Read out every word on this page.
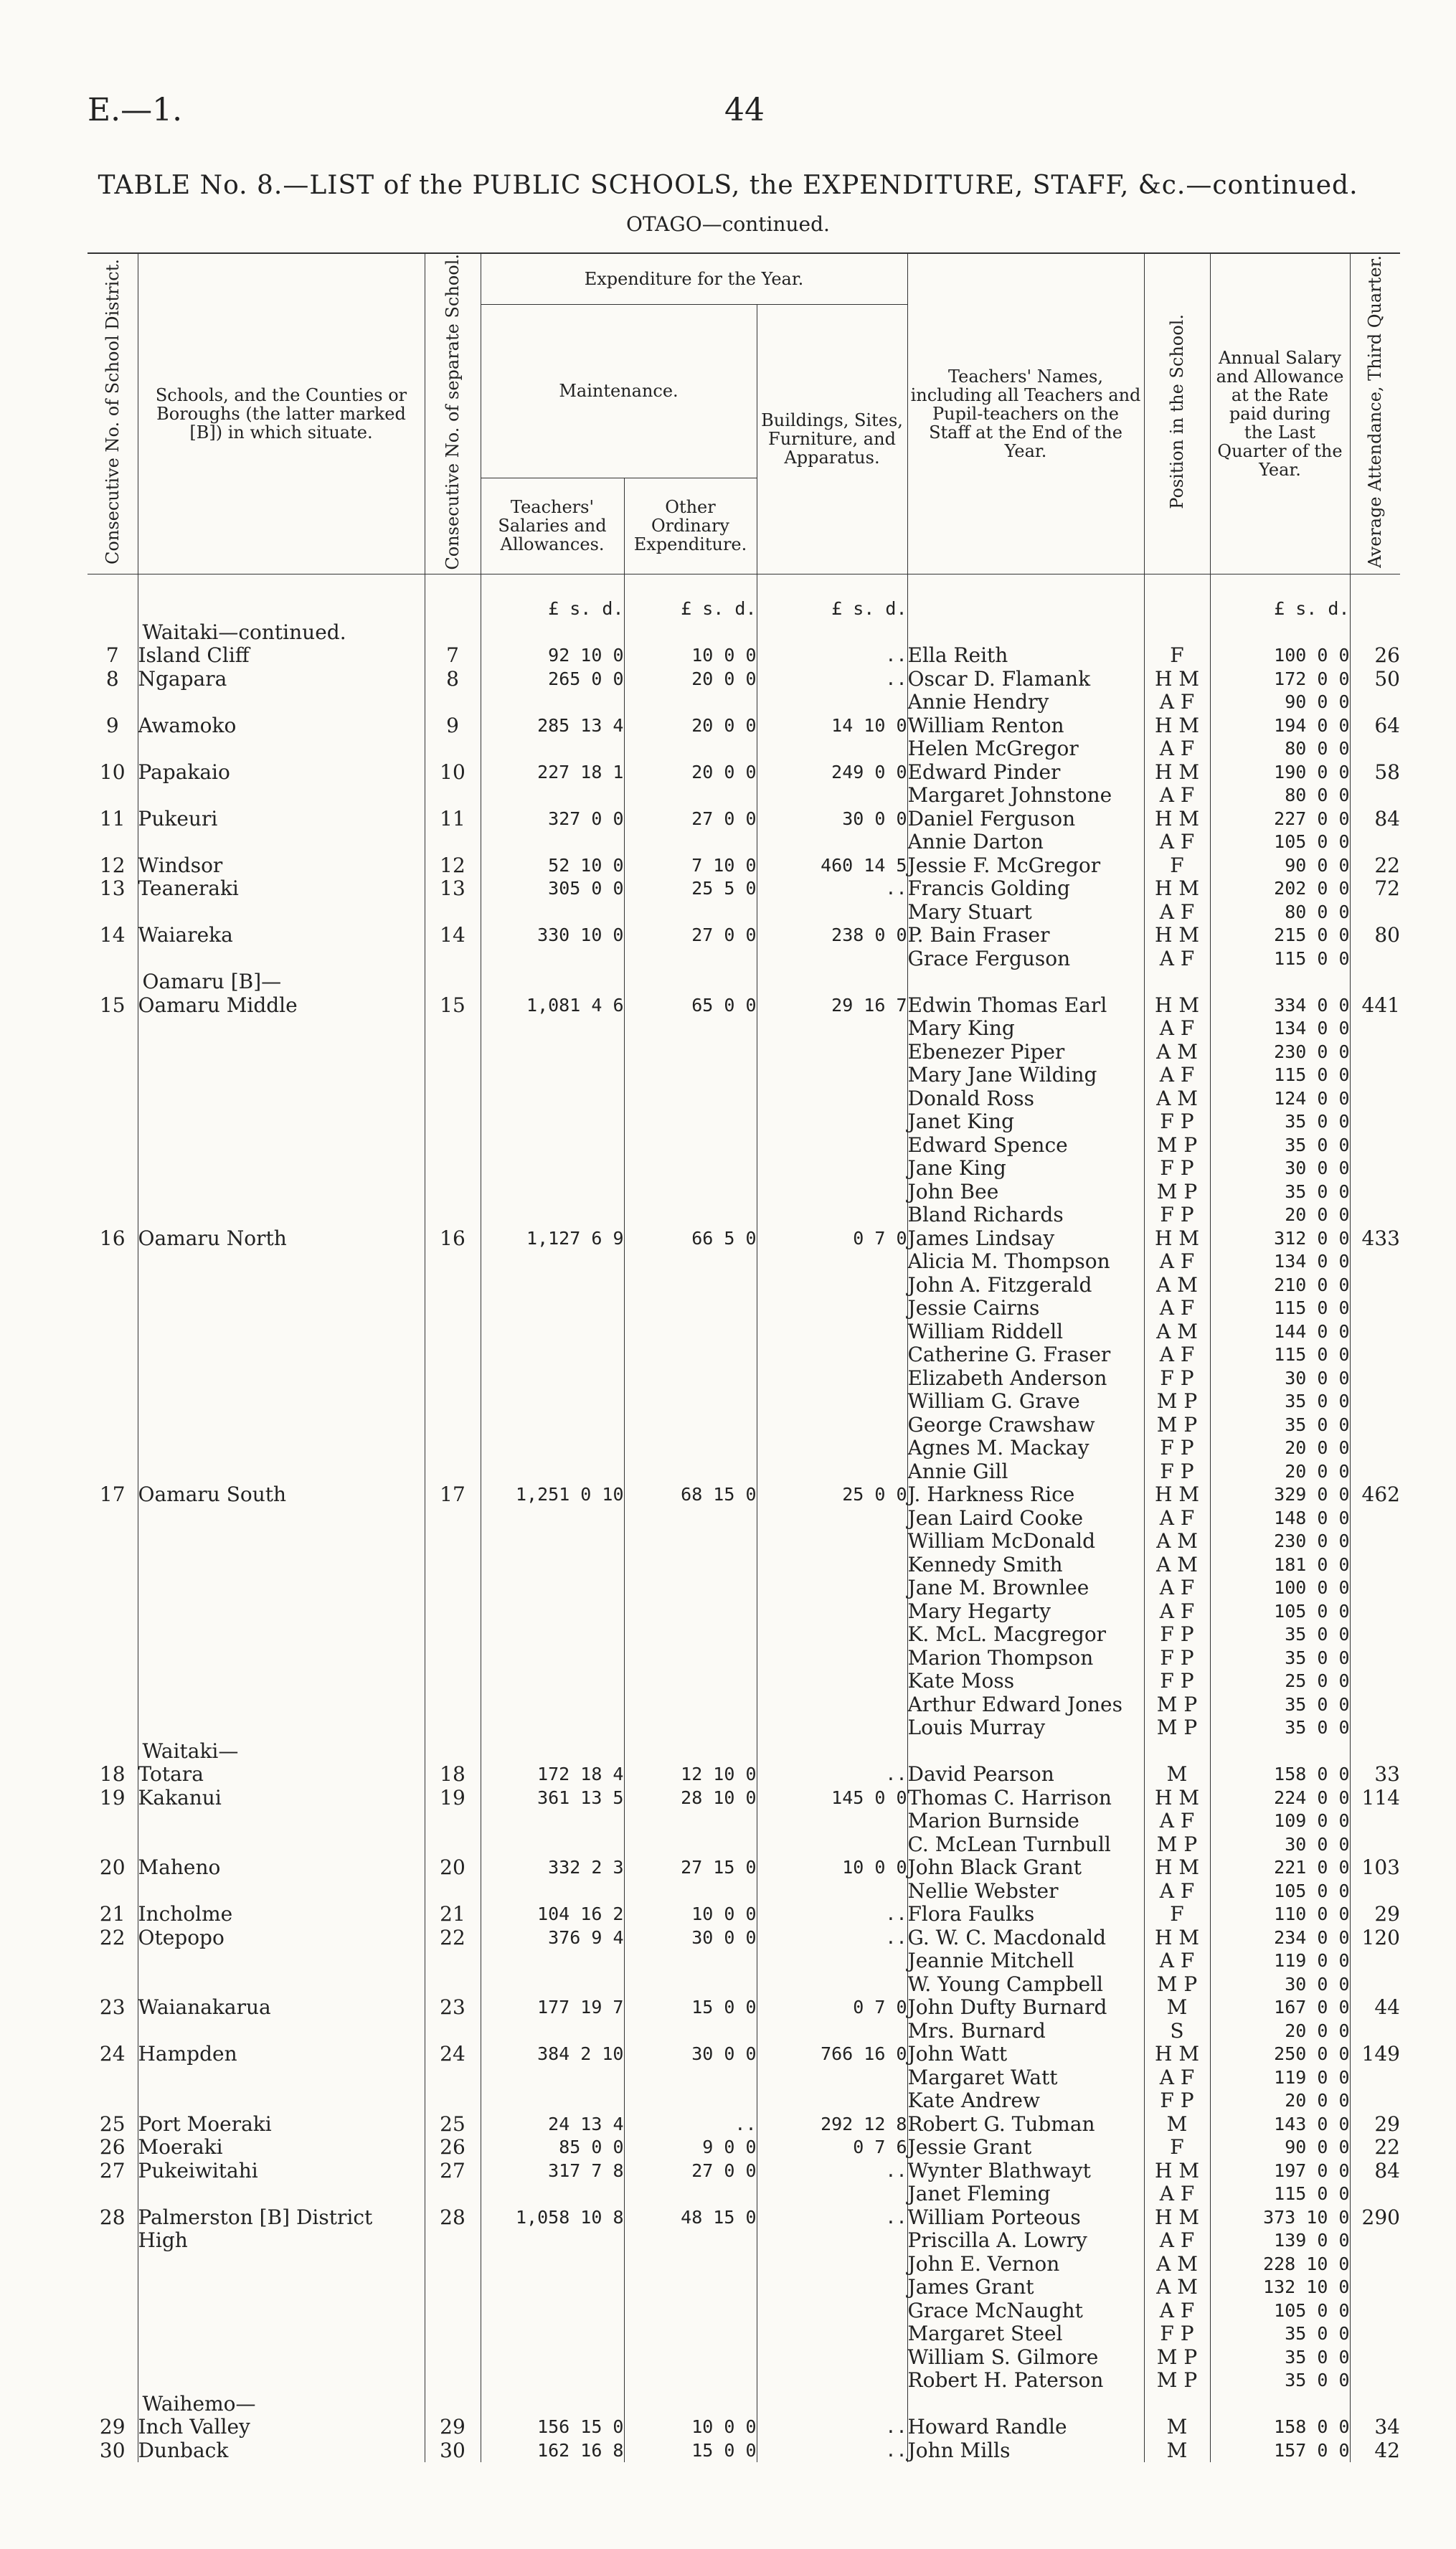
E.—1.	44
TABLE No. 8.—LIST of the PUBLIC SCHOOLS, the EXPENDITURE, STAFF, &c.—continued.
OTAGO—continued.
Consecutive No. of School District.	Schools, and the Counties or Boroughs (the latter marked [B]) in which situate.	Consecutive No. of separate School.	Expenditure for the Year.			Teachers' Names, including all Teachers and Pupil-teachers on the Staff at the End of the Year.	Position in the School.	Annual Salary and Allowance at the Rate paid during the Last Quarter of the Year.	Average Attendance, Third Quarter.
			Maintenance.		Buildings, Sites, Furniture, and Apparatus.				
			Teachers' Salaries and Allowances.	Other Ordinary Expenditure.					

			£ s. d.	£ s. d.	£ s. d.			£ s. d.	
	Waitaki—continued.								
7	Island Cliff	7	92 10 0	10 0 0	..	Ella Reith	F	100 0 0	26
8	Ngapara	8	265 0 0	20 0 0	..	Oscar D. Flamank	H M	172 0 0	50
						Annie Hendry	A F	90 0 0	
9	Awamoko	9	285 13 4	20 0 0	14 10 0	William Renton	H M	194 0 0	64
						Helen McGregor	A F	80 0 0	
10	Papakaio	10	227 18 1	20 0 0	249 0 0	Edward Pinder	H M	190 0 0	58
						Margaret Johnstone	A F	80 0 0	
11	Pukeuri	11	327 0 0	27 0 0	30 0 0	Daniel Ferguson	H M	227 0 0	84
						Annie Darton	A F	105 0 0	
12	Windsor	12	52 10 0	7 10 0	460 14 5	Jessie F. McGregor	F	90 0 0	22
13	Teaneraki	13	305 0 0	25 5 0	..	Francis Golding	H M	202 0 0	72
						Mary Stuart	A F	80 0 0	
14	Waiareka	14	330 10 0	27 0 0	238 0 0	P. Bain Fraser	H M	215 0 0	80
						Grace Ferguson	A F	115 0 0	
	Oamaru [B]—								
15	Oamaru Middle	15	1,081 4 6	65 0 0	29 16 7	Edwin Thomas Earl	H M	334 0 0	441
						Mary King	A F	134 0 0	
						Ebenezer Piper	A M	230 0 0	
						Mary Jane Wilding	A F	115 0 0	
						Donald Ross	A M	124 0 0	
						Janet King	F P	35 0 0	
						Edward Spence	M P	35 0 0	
						Jane King	F P	30 0 0	
						John Bee	M P	35 0 0	
						Bland Richards	F P	20 0 0	
16	Oamaru North	16	1,127 6 9	66 5 0	0 7 0	James Lindsay	H M	312 0 0	433
						Alicia M. Thompson	A F	134 0 0	
						John A. Fitzgerald	A M	210 0 0	
						Jessie Cairns	A F	115 0 0	
						William Riddell	A M	144 0 0	
						Catherine G. Fraser	A F	115 0 0	
						Elizabeth Anderson	F P	30 0 0	
						William G. Grave	M P	35 0 0	
						George Crawshaw	M P	35 0 0	
						Agnes M. Mackay	F P	20 0 0	
						Annie Gill	F P	20 0 0	
17	Oamaru South	17	1,251 0 10	68 15 0	25 0 0	J. Harkness Rice	H M	329 0 0	462
						Jean Laird Cooke	A F	148 0 0	
						William McDonald	A M	230 0 0	
						Kennedy Smith	A M	181 0 0	
						Jane M. Brownlee	A F	100 0 0	
						Mary Hegarty	A F	105 0 0	
						K. McL. Macgregor	F P	35 0 0	
						Marion Thompson	F P	35 0 0	
						Kate Moss	F P	25 0 0	
						Arthur Edward Jones	M P	35 0 0	
						Louis Murray	M P	35 0 0	
	Waitaki—								
18	Totara	18	172 18 4	12 10 0	..	David Pearson	M	158 0 0	33
19	Kakanui	19	361 13 5	28 10 0	145 0 0	Thomas C. Harrison	H M	224 0 0	114
						Marion Burnside	A F	109 0 0	
						C. McLean Turnbull	M P	30 0 0	
20	Maheno	20	332 2 3	27 15 0	10 0 0	John Black Grant	H M	221 0 0	103
						Nellie Webster	A F	105 0 0	
21	Incholme	21	104 16 2	10 0 0	..	Flora Faulks	F	110 0 0	29
22	Otepopo	22	376 9 4	30 0 0	..	G. W. C. Macdonald	H M	234 0 0	120
						Jeannie Mitchell	A F	119 0 0	
						W. Young Campbell	M P	30 0 0	
23	Waianakarua	23	177 19 7	15 0 0	0 7 0	John Dufty Burnard	M	167 0 0	44
						Mrs. Burnard	S	20 0 0	
24	Hampden	24	384 2 10	30 0 0	766 16 0	John Watt	H M	250 0 0	149
						Margaret Watt	A F	119 0 0	
						Kate Andrew	F P	20 0 0	
25	Port Moeraki	25	24 13 4	..	292 12 8	Robert G. Tubman	M	143 0 0	29
26	Moeraki	26	85 0 0	9 0 0	0 7 6	Jessie Grant	F	90 0 0	22
27	Pukeiwitahi	27	317 7 8	27 0 0	..	Wynter Blathwayt	H M	197 0 0	84
						Janet Fleming	A F	115 0 0	
28	Palmerston [B] District	28	1,058 10 8	48 15 0	..	William Porteous	H M	373 10 0	290
	High					Priscilla A. Lowry	A F	139 0 0	
						John E. Vernon	A M	228 10 0	
						James Grant	A M	132 10 0	
						Grace McNaught	A F	105 0 0	
						Margaret Steel	F P	35 0 0	
						William S. Gilmore	M P	35 0 0	
						Robert H. Paterson	M P	35 0 0	
	Waihemo—								
29	Inch Valley	29	156 15 0	10 0 0	..	Howard Randle	M	158 0 0	34
30	Dunback	30	162 16 8	15 0 0	..	John Mills	M	157 0 0	42
